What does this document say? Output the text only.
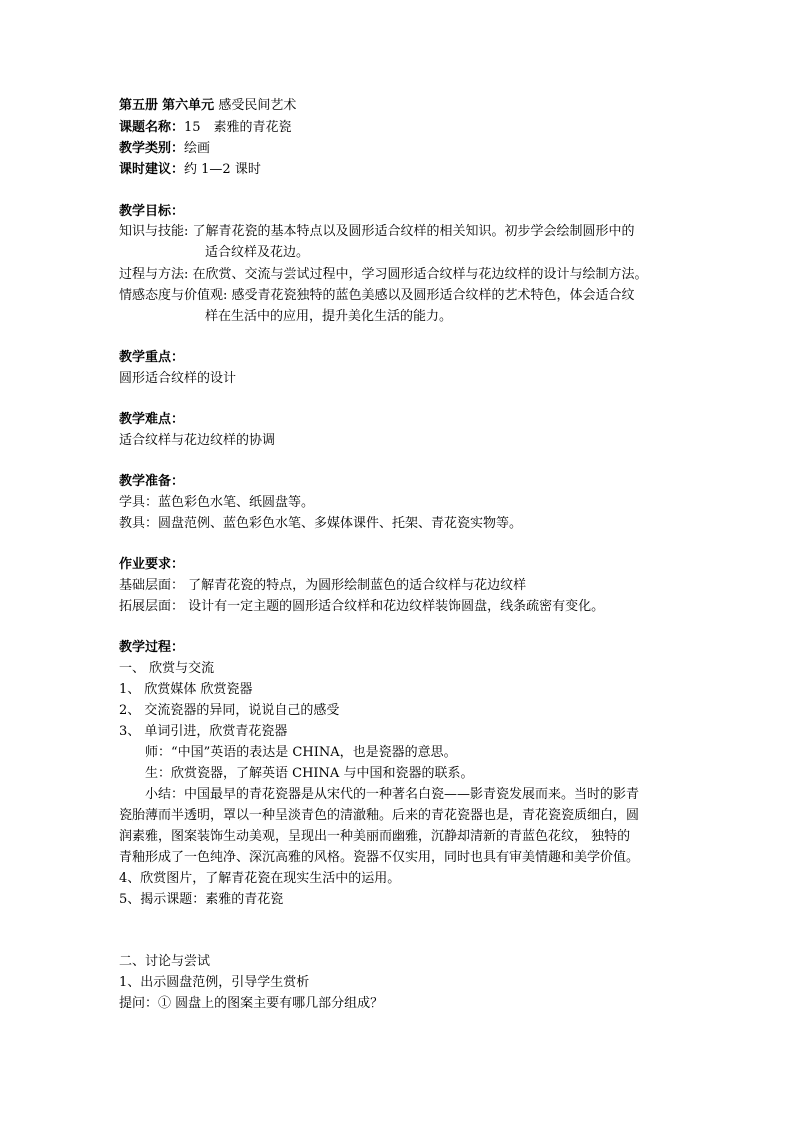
第五册 第六单元 感受民间艺术
课题名称：15　素雅的青花瓷
教学类别：绘画
课时建议：约 1—2 课时
教学目标：
知识与技能: 了解青花瓷的基本特点以及圆形适合纹样的相关知识。初步学会绘制圆形中的
适合纹样及花边。
过程与方法: 在欣赏、交流与尝试过程中，学习圆形适合纹样与花边纹样的设计与绘制方法。
情感态度与价值观: 感受青花瓷独特的蓝色美感以及圆形适合纹样的艺术特色，体会适合纹
样在生活中的应用，提升美化生活的能力。
教学重点：
圆形适合纹样的设计
教学难点：
适合纹样与花边纹样的协调
教学准备：
学具：蓝色彩色水笔、纸圆盘等。
教具：圆盘范例、蓝色彩色水笔、多媒体课件、托架、青花瓷实物等。
作业要求：
基础层面： 了解青花瓷的特点，为圆形绘制蓝色的适合纹样与花边纹样
拓展层面： 设计有一定主题的圆形适合纹样和花边纹样装饰圆盘，线条疏密有变化。
教学过程：
一、 欣赏与交流
1、 欣赏媒体 欣赏瓷器
2、 交流瓷器的异同，说说自己的感受
3、 单词引进，欣赏青花瓷器
师：“中国”英语的表达是 CHINA，也是瓷器的意思。
生：欣赏瓷器，了解英语 CHINA 与中国和瓷器的联系。
小结：中国最早的青花瓷器是从宋代的一种著名白瓷——影青瓷发展而来。当时的影青
瓷胎薄而半透明，罩以一种呈淡青色的清澈釉。后来的青花瓷器也是，青花瓷瓷质细白，圆
润素雅，图案装饰生动美观，呈现出一种美丽而幽雅，沉静却清新的青蓝色花纹， 独特的
青釉形成了一色纯净、深沉高雅的风格。瓷器不仅实用，同时也具有审美情趣和美学价值。
4、欣赏图片，了解青花瓷在现实生活中的运用。
5、揭示课题：素雅的青花瓷
二、讨论与尝试
1、出示圆盘范例，引导学生赏析
提问：① 圆盘上的图案主要有哪几部分组成？
